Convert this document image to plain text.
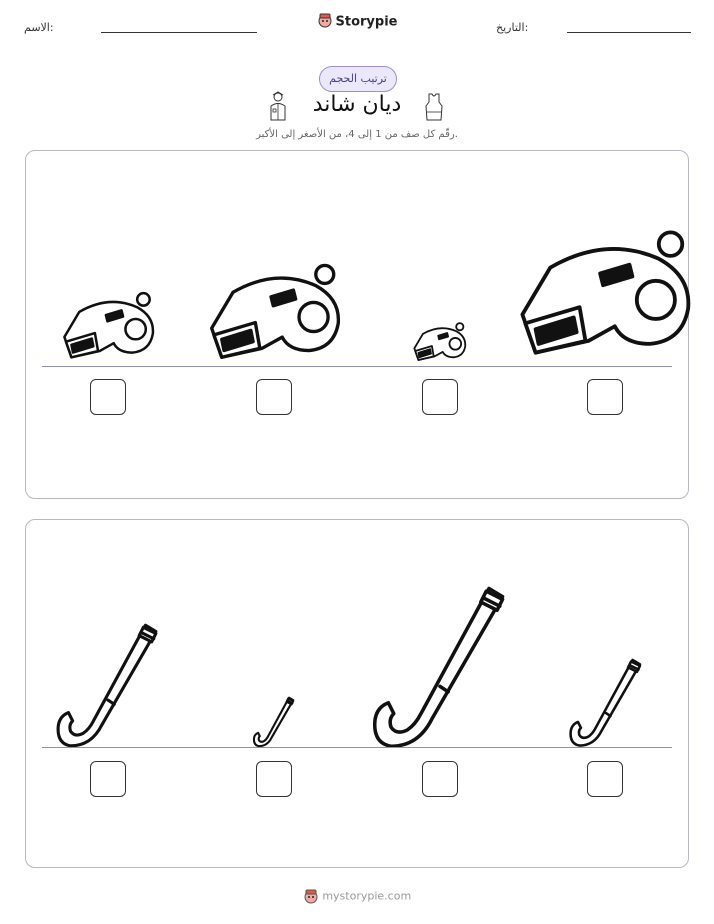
الاسم:	Storypie	التاريخ:
ترتيب الحجم
ديان شاند
رقّم كل صف من 1 إلى 4، من الأصغر إلى الأكبر.
mystorypie.com
